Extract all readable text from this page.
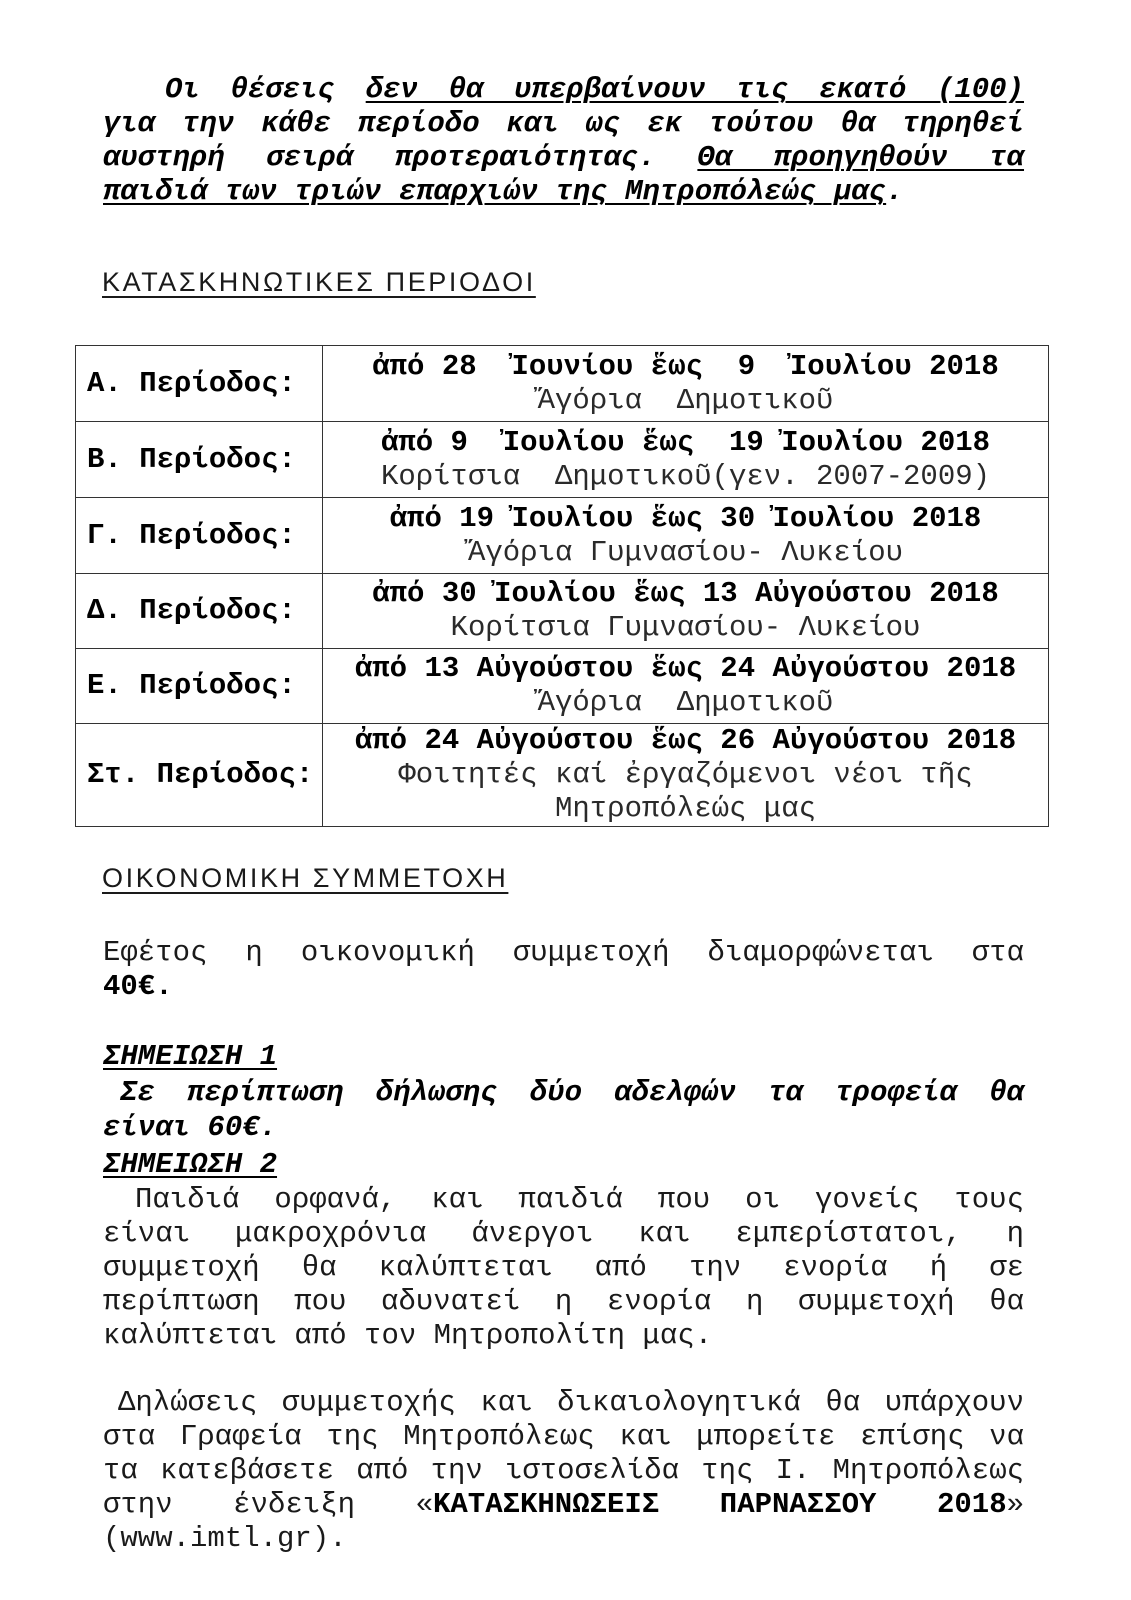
Οι θέσεις δεν θα υπερβαίνουν τις εκατό (100)
για την κάθε περίοδο και ως εκ τούτου θα τηρηθεί
αυστηρή σειρά προτεραιότητας. Θα προηγηθούν τα
παιδιά των τριών επαρχιών της Μητροπόλεώς μας.
ΚΑΤΑΣΚΗΝΩΤΙΚΕΣ ΠΕΡΙΟΔΟΙ
Α. Περίοδος:	ἀπό 28  Ἰουνίου ἕως  9  Ἰουλίου 2018
Ἄγόρια  Δημοτικοῦ

Β. Περίοδος:	ἀπό 9  Ἰουλίου ἕως  19 Ἰουλίου 2018
Κορίτσια  Δημοτικοῦ(γεν. 2007-2009)

Γ. Περίοδος:	ἀπό 19 Ἰουλίου ἕως 30 Ἰουλίου 2018
Ἄγόρια Γυμνασίου- Λυκείου

Δ. Περίοδος:	ἀπό 30 Ἰουλίου ἕως 13 Αὐγούστου 2018
Κορίτσια Γυμνασίου- Λυκείου

Ε. Περίοδος:	ἀπό 13 Αὐγούστου ἕως 24 Αὐγούστου 2018
Ἄγόρια  Δημοτικοῦ

Στ. Περίοδος:	ἀπό 24 Αὐγούστου ἕως 26 Αὐγούστου 2018
Φοιτητές καί ἐργαζόμενοι νέοι τῆς Μητροπόλεώς μας
ΟΙΚΟΝΟΜΙΚΗ ΣΥΜΜΕΤΟΧΗ
Εφέτος η οικονομική συμμετοχή διαμορφώνεται στα
40€.
ΣΗΜΕΙΩΣΗ 1
Σε περίπτωση δήλωσης δύο αδελφών τα τροφεία θα
είναι 60€.
ΣΗΜΕΙΩΣΗ 2
Παιδιά ορφανά, και παιδιά που οι γονείς τους
είναι μακροχρόνια άνεργοι και εμπερίστατοι, η
συμμετοχή θα καλύπτεται από την ενορία ή σε
περίπτωση που αδυνατεί η ενορία η συμμετοχή θα
καλύπτεται από τον Μητροπολίτη μας.
Δηλώσεις συμμετοχής και δικαιολογητικά θα υπάρχουν
στα Γραφεία της Μητροπόλεως και μπορείτε επίσης να
τα κατεβάσετε από την ιστοσελίδα της Ι. Μητροπόλεως
στην ένδειξη «ΚΑΤΑΣΚΗΝΩΣΕΙΣ ΠΑΡΝΑΣΣΟΥ 2018»
(www.imtl.gr).
